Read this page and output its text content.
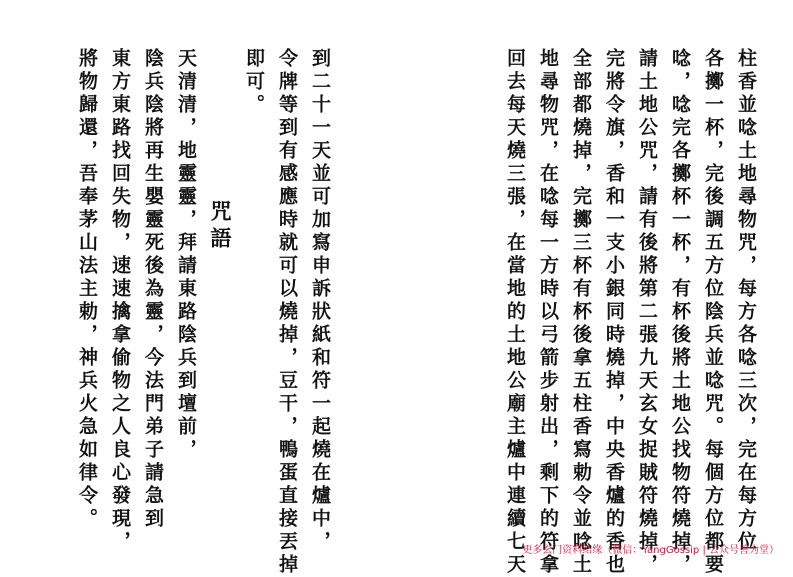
柱香並唸土地尋物咒，每方各唸三次，完在每方位
各擲一杯，完後調五方位陰兵並唸咒。每個方位都要
唸，唸完各擲杯一杯，有杯後將土地公找物符燒掉，
請土地公咒，請有後將第二張九天玄女捉賊符燒掉，
完將令旗，香和一支小銀同時燒掉，中央香爐的香也
全部都燒掉，完擲三杯有杯後拿五柱香寫勅令並唸土
地尋物咒，在唸每一方時以弓箭步射出，剩下的符拿
回去每天燒三張，在當地的土地公廟主爐中連續七天
到二十一天並可加寫申訴狀紙和符一起燒在爐中，
令牌等到有感應時就可以燒掉，豆干，鴨蛋直接丟掉
即可。
咒語
天清清，地靈靈，拜請東路陰兵到壇前，
陰兵陰將再生嬰靈死後為靈，今法門弟子請急到
東方東路找回失物，速速擒拿偷物之人良心發現，
將物歸還，吾奉茅山法主勅，神兵火急如律令。
更多玄门资料结缘（微信：YangGossip | 公众号善为堂）
